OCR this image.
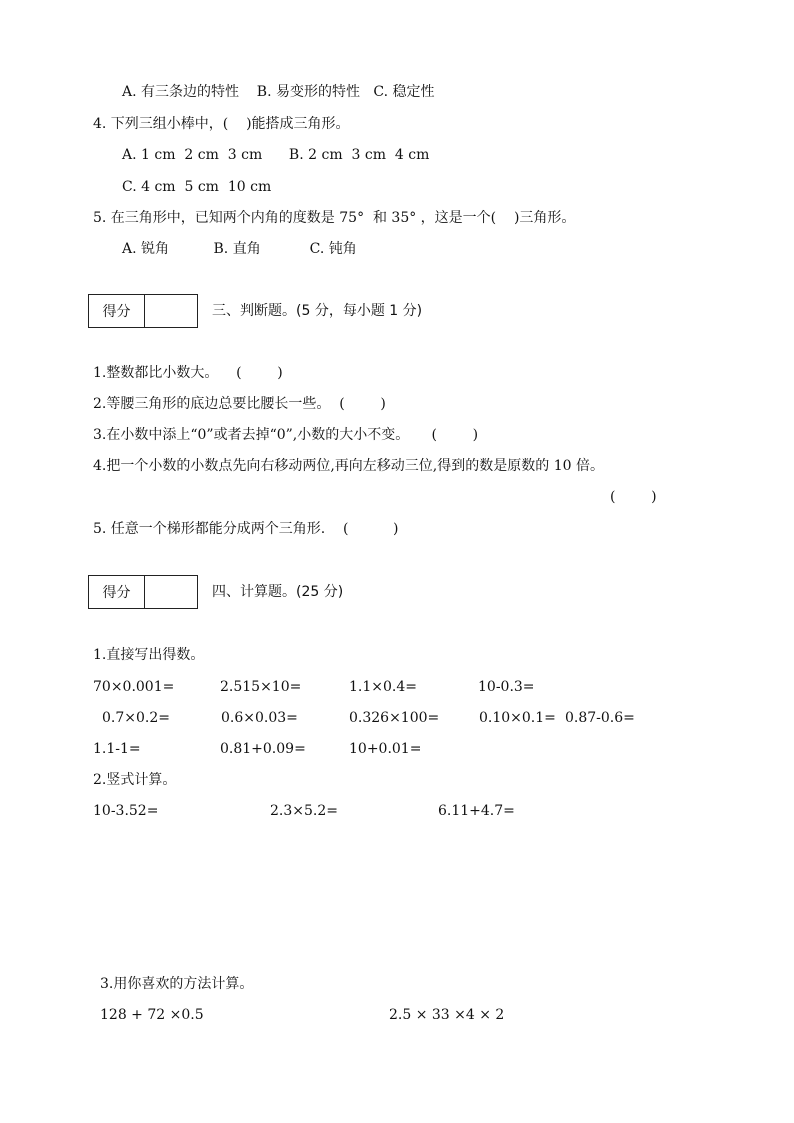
A. 有三条边的特性    B. 易变形的特性   C. 稳定性
4. 下列三组小棒中，(    )能搭成三角形。
A. 1 cm  2 cm  3 cm      B. 2 cm  3 cm  4 cm
C. 4 cm  5 cm  10 cm
5. 在三角形中，已知两个内角的度数是 75°  和 35° ，这是一个(    )三角形。
A. 锐角          B. 直角           C. 钝角
得分	三、判断题。(5 分，每小题 1 分)
1.整数都比小数大。    (        )
2.等腰三角形的底边总要比腰长一些。  (        )
3.在小数中添上“0”或者去掉“0”,小数的大小不变。     (        )
4.把一个小数的小数点先向右移动两位,再向左移动三位,得到的数是原数的 10 倍。
(        )
5. 任意一个梯形都能分成两个三角形.    (          )
得分	四、计算题。(25 分)
1.直接写出得数。
70×0.001=	2.515×10=	1.1×0.4=	10-0.3=
0.7×0.2=	0.6×0.03=	0.326×100=	0.10×0.1= 0.87-0.6=
1.1-1=	0.81+0.09=	10+0.01=
2.竖式计算。
10-3.52=	2.3×5.2=	6.11+4.7=
3.用你喜欢的方法计算。
128 + 72 ×0.5	2.5 × 33 ×4 × 2
